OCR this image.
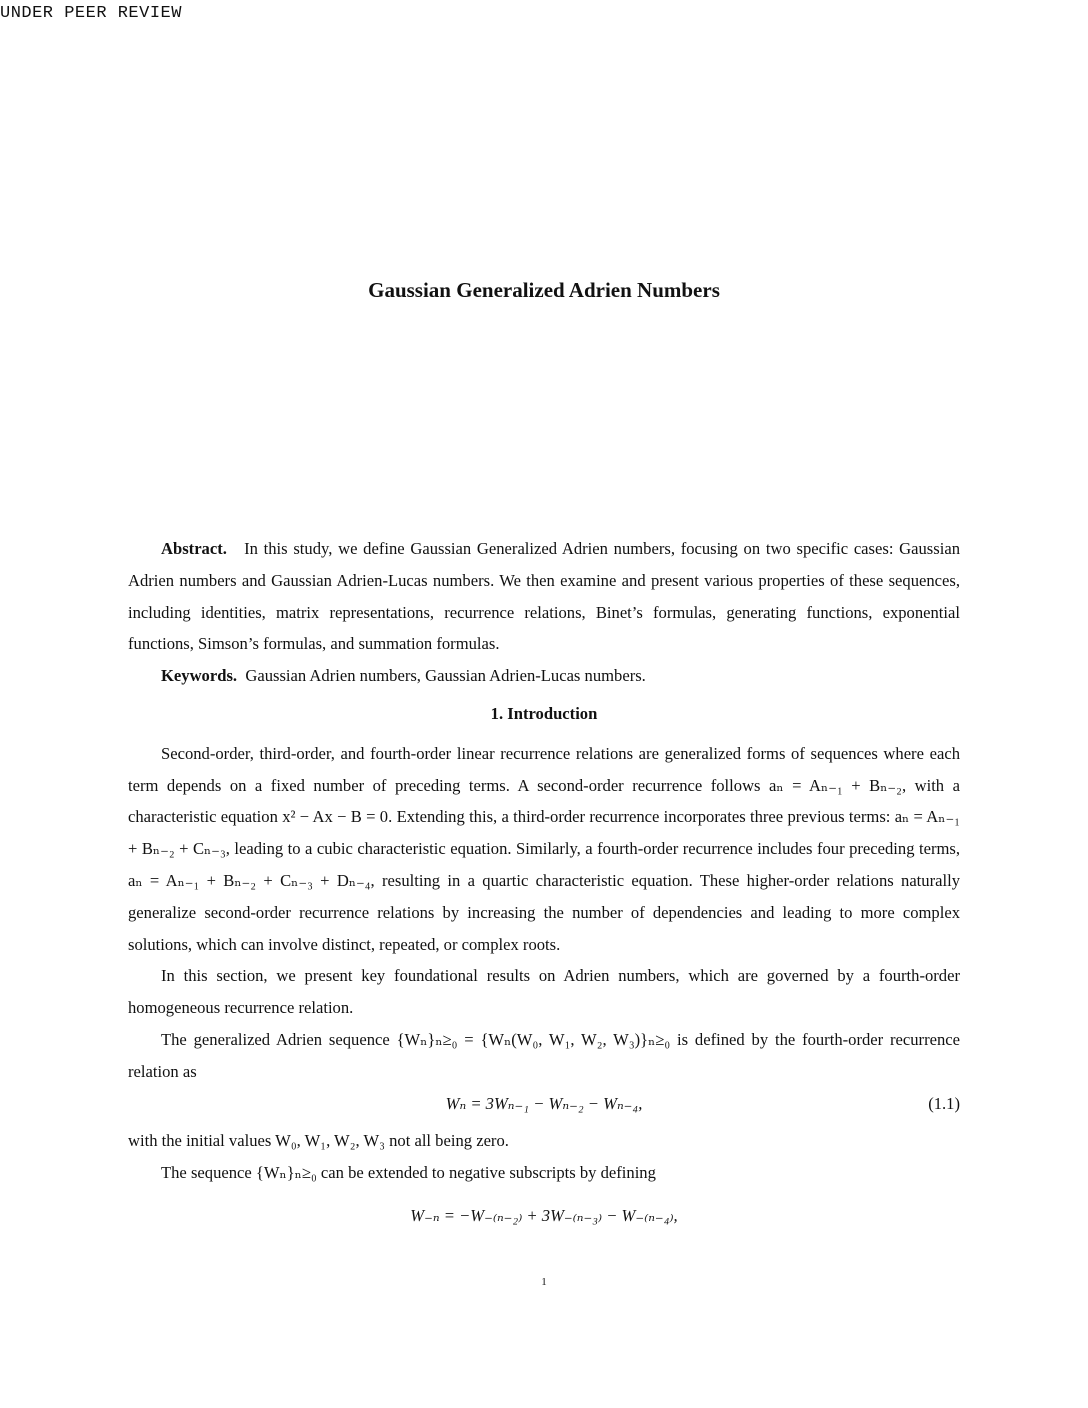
UNDER PEER REVIEW
Gaussian Generalized Adrien Numbers

Abstract. In this study, we define Gaussian Generalized Adrien numbers, focusing on two specific cases: Gaussian Adrien numbers and Gaussian Adrien-Lucas numbers. We then examine and present various properties of these sequences, including identities, matrix representations, recurrence relations, Binet’s formulas, generating functions, exponential functions, Simson’s formulas, and summation formulas.

Keywords. Gaussian Adrien numbers, Gaussian Adrien-Lucas numbers.

1. Introduction

Second-order, third-order, and fourth-order linear recurrence relations are generalized forms of sequences where each term depends on a fixed number of preceding terms. A second-order recurrence follows aₙ = Aₙ₋₁ + Bₙ₋₂, with a characteristic equation x² − Ax − B = 0. Extending this, a third-order recurrence incorporates three previous terms: aₙ = Aₙ₋₁ + Bₙ₋₂ + Cₙ₋₃, leading to a cubic characteristic equation. Similarly, a fourth-order recurrence includes four preceding terms, aₙ = Aₙ₋₁ + Bₙ₋₂ + Cₙ₋₃ + Dₙ₋₄, resulting in a quartic characteristic equation. These higher-order relations naturally generalize second-order recurrence relations by increasing the number of dependencies and leading to more complex solutions, which can involve distinct, repeated, or complex roots.

In this section, we present key foundational results on Adrien numbers, which are governed by a fourth-order homogeneous recurrence relation.

The generalized Adrien sequence {Wₙ}ₙ≥₀ = {Wₙ(W₀, W₁, W₂, W₃)}ₙ≥₀ is defined by the fourth-order recurrence relation as

Wₙ = 3Wₙ₋₁ − Wₙ₋₂ − Wₙ₋₄,	(1.1)

with the initial values W₀, W₁, W₂, W₃ not all being zero.

The sequence {Wₙ}ₙ≥₀ can be extended to negative subscripts by defining

W₋ₙ = −W₋₍ₙ₋₂₎ + 3W₋₍ₙ₋₃₎ − W₋₍ₙ₋₄₎,
1
